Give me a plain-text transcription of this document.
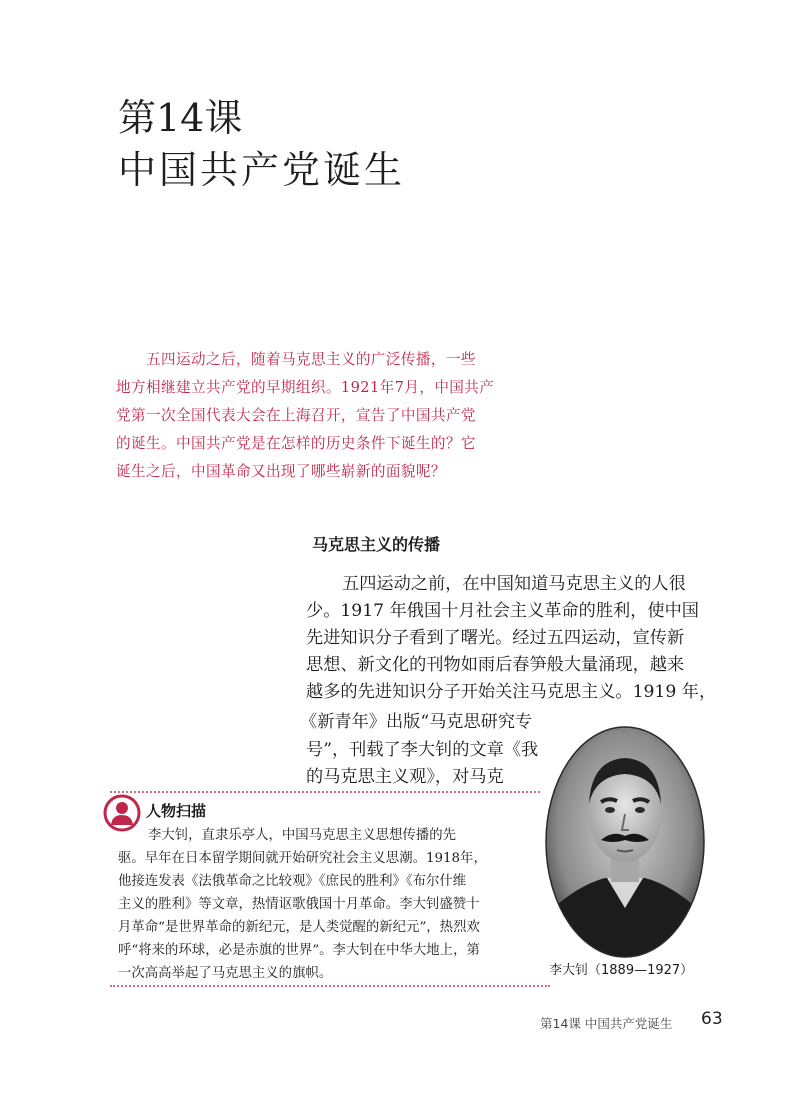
第14课
中国共产党诞生

五四运动之后，随着马克思主义的广泛传播，一些

地方相继建立共产党的早期组织。1921年7月，中国共产

党第一次全国代表大会在上海召开，宣告了中国共产党

的诞生。中国共产党是在怎样的历史条件下诞生的？它

诞生之后，中国革命又出现了哪些崭新的面貌呢？

马克思主义的传播

五四运动之前，在中国知道马克思主义的人很

少。1917 年俄国十月社会主义革命的胜利，使中国

先进知识分子看到了曙光。经过五四运动，宣传新

思想、新文化的刊物如雨后春笋般大量涌现，越来

越多的先进知识分子开始关注马克思主义。1919 年，

《新青年》出版“马克思研究专

号”，刊载了李大钊的文章《我

的马克思主义观》，对马克

李大钊（1889—1927）
人物扫描

李大钊，直隶乐亭人，中国马克思主义思想传播的先

驱。早年在日本留学期间就开始研究社会主义思潮。1918年，

他接连发表《法俄革命之比较观》《庶民的胜利》《布尔什维

主义的胜利》等文章，热情讴歌俄国十月革命。李大钊盛赞十

月革命“是世界革命的新纪元，是人类觉醒的新纪元”，热烈欢

呼“将来的环球，必是赤旗的世界”。李大钊在中华大地上，第

一次高高举起了马克思主义的旗帜。

第14课 中国共产党诞生 63
